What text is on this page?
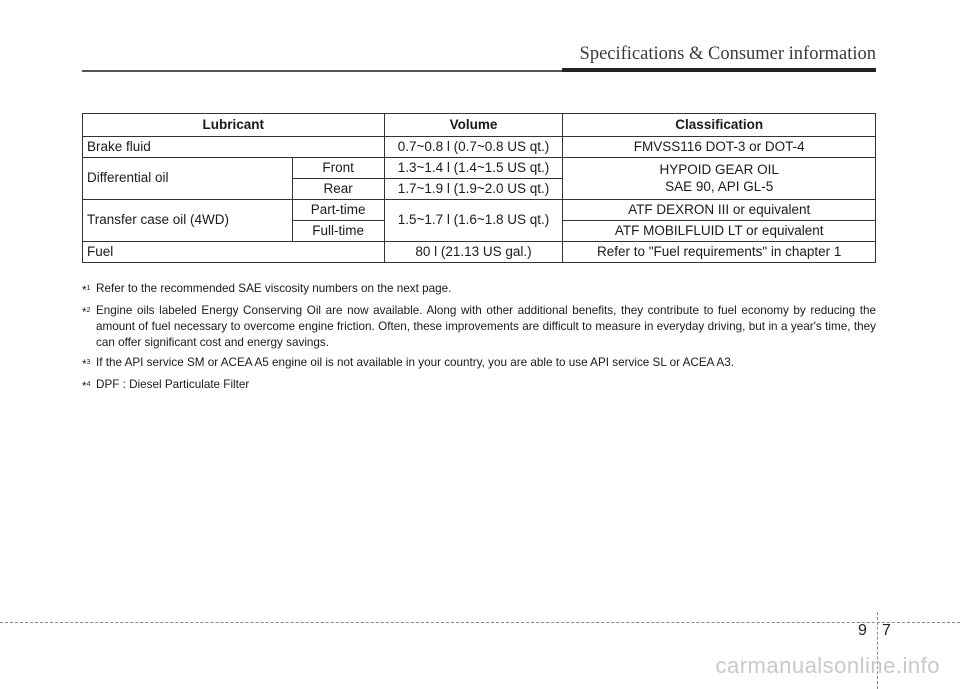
Specifications & Consumer information
Lubricant		Volume	Classification
Brake fluid		0.7~0.8 l (0.7~0.8 US qt.)	FMVSS116 DOT-3 or DOT-4
Differential oil	Front	1.3~1.4 l (1.4~1.5 US qt.)	HYPOID GEAR OIL
SAE 90, API GL-5

	Rear	1.7~1.9 l (1.9~2.0 US qt.)	
Transfer case oil (4WD)	Part-time	1.5~1.7 l (1.6~1.8 US qt.)	ATF DEXRON III or equivalent
	Full-time		ATF MOBILFLUID LT or equivalent
Fuel		80 l (21.13 US gal.)	Refer to "Fuel requirements" in chapter 1
*$^1$ Refer to the recommended SAE viscosity numbers on the next page.
*$^2$ Engine oils labeled Energy Conserving Oil are now available. Along with other additional benefits, they contribute to fuel economy by reducing the amount of fuel necessary to overcome engine friction. Often, these improvements are difficult to measure in everyday driving, but in a year's time, they can offer significant cost and energy savings.
*$^3$ If the API service SM or ACEA A5 engine oil is not available in your country, you are able to use API service SL or ACEA A3.
*$^4$ DPF : Diesel Particulate Filter
9 7
carmanualsonline.info
